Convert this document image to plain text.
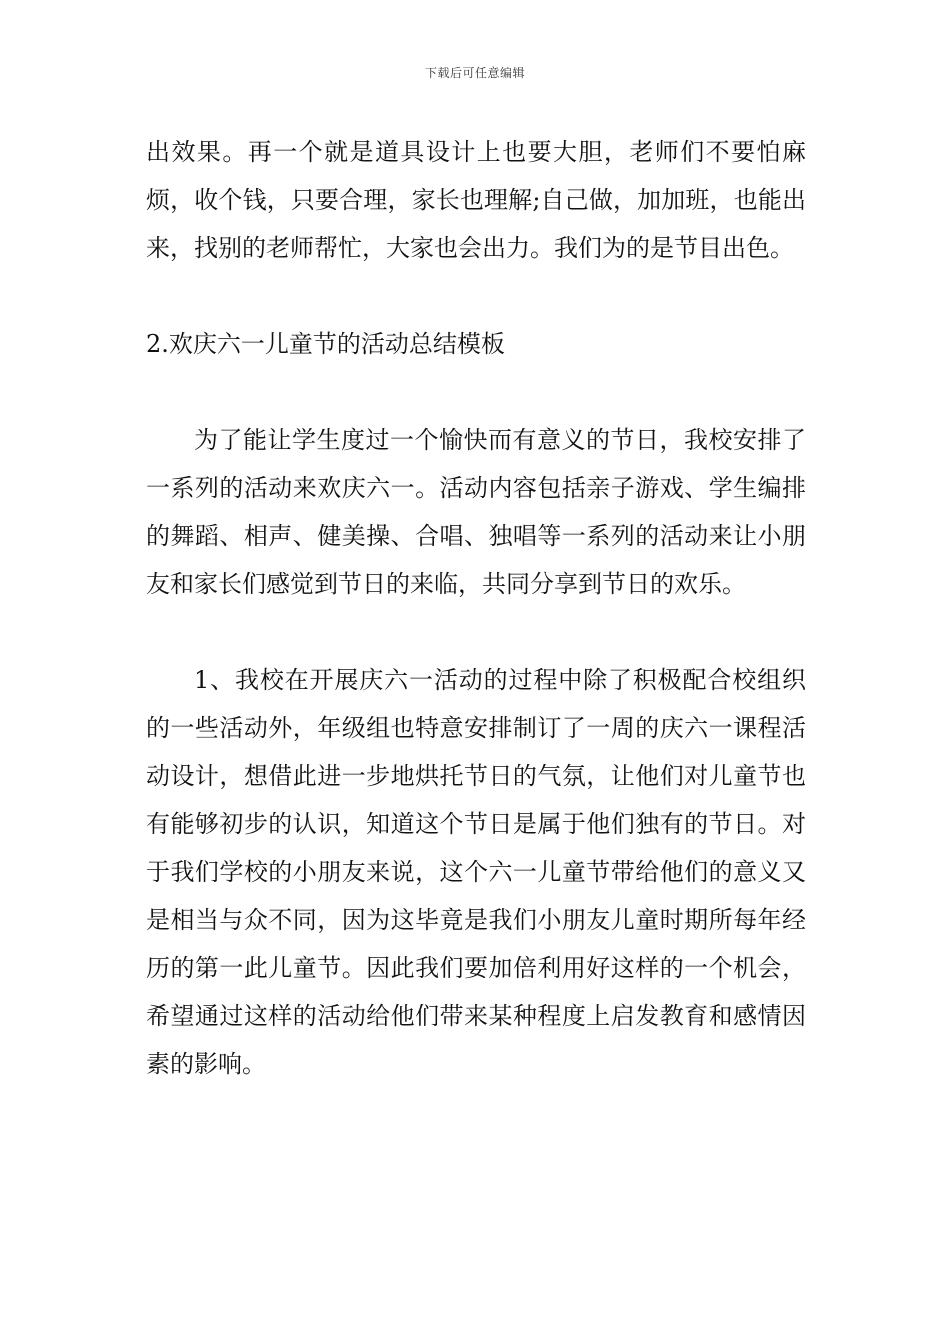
下载后可任意编辑

出效果。再一个就是道具设计上也要大胆，老师们不要怕麻烦，收个钱，只要合理，家长也理解;自己做，加加班，也能出来，找别的老师帮忙，大家也会出力。我们为的是节目出色。

2.欢庆六一儿童节的活动总结模板

为了能让学生度过一个愉快而有意义的节日，我校安排了一系列的活动来欢庆六一。活动内容包括亲子游戏、学生编排的舞蹈、相声、健美操、合唱、独唱等一系列的活动来让小朋友和家长们感觉到节日的来临，共同分享到节日的欢乐。

1、我校在开展庆六一活动的过程中除了积极配合校组织的一些活动外，年级组也特意安排制订了一周的庆六一课程活动设计，想借此进一步地烘托节日的气氛，让他们对儿童节也有能够初步的认识，知道这个节日是属于他们独有的节日。对于我们学校的小朋友来说，这个六一儿童节带给他们的意义又是相当与众不同，因为这毕竟是我们小朋友儿童时期所每年经历的第一此儿童节。因此我们要加倍利用好这样的一个机会，希望通过这样的活动给他们带来某种程度上启发教育和感情因素的影响。
